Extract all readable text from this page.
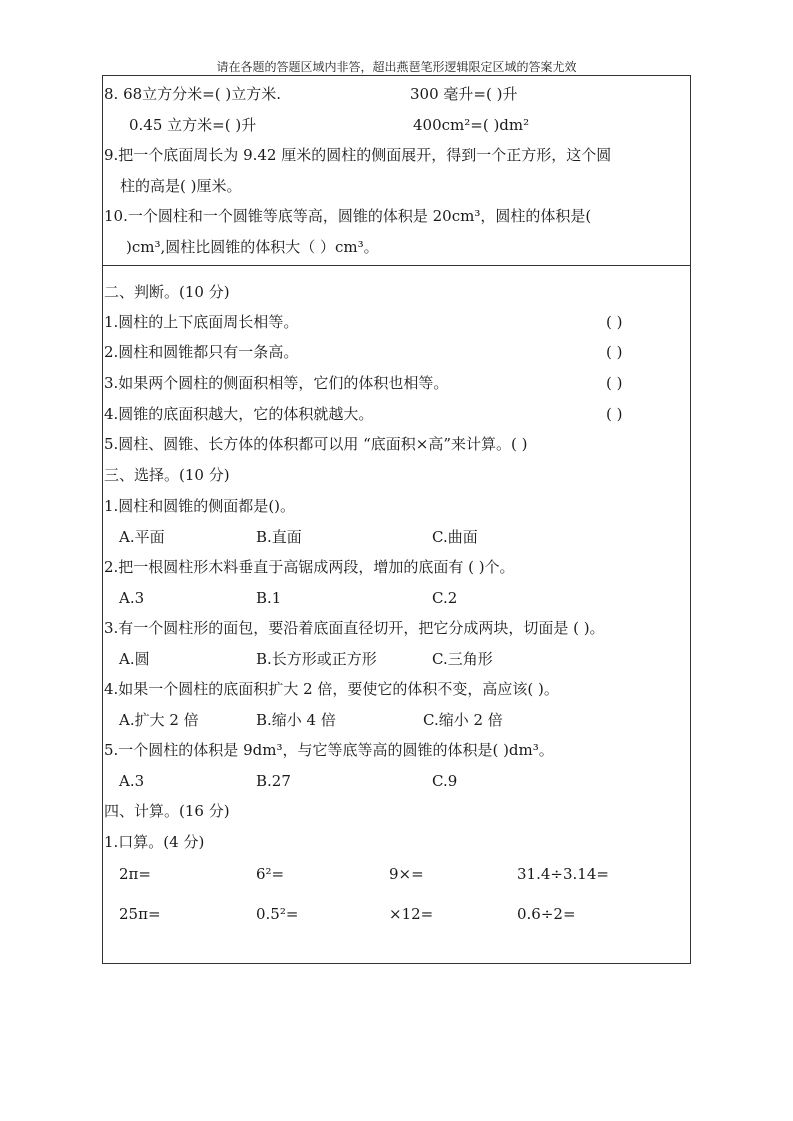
请在各题的答题区域内非答，超出燕琶笔形逻辑限定区域的答案尤效
8. 68立方分米=( )立方米.	300 毫升=( )升
0.45 立方米=( )升	400cm²=( )dm²
9.把一个底面周长为 9.42 厘米的圆柱的侧面展开，得到一个正方形，这个圆
柱的高是( )厘米。
10.一个圆柱和一个圆锥等底等高，圆锥的体积是 20cm³，圆柱的体积是(
)cm³,圆柱比圆锥的体积大（ ）cm³。
二、判断。(10 分)
1.圆柱的上下底面周长相等。	( )
2.圆柱和圆锥都只有一条高。	( )
3.如果两个圆柱的侧面积相等，它们的体积也相等。	( )
4.圆锥的底面积越大，它的体积就越大。	( )
5.圆柱、圆锥、长方体的体积都可以用 “底面积×高”来计算。( )
三、选择。(10 分)
1.圆柱和圆锥的侧面都是()。
A.平面	B.直面	C.曲面
2.把一根圆柱形木料垂直于高锯成两段，增加的底面有 ( )个。
A.3	B.1	C.2
3.有一个圆柱形的面包，要沿着底面直径切开，把它分成两块，切面是 ( )。
A.圆	B.长方形或正方形	C.三角形
4.如果一个圆柱的底面积扩大 2 倍，要使它的体积不变，高应该( )。
A.扩大 2 倍	B.缩小 4 倍	C.缩小 2 倍
5.一个圆柱的体积是 9dm³，与它等底等高的圆锥的体积是( )dm³。
A.3	B.27	C.9
四、计算。(16 分)
1.口算。(4 分)
2π=	6²=	9×=	31.4÷3.14=
25π=	0.5²=	×12=	0.6÷2=
